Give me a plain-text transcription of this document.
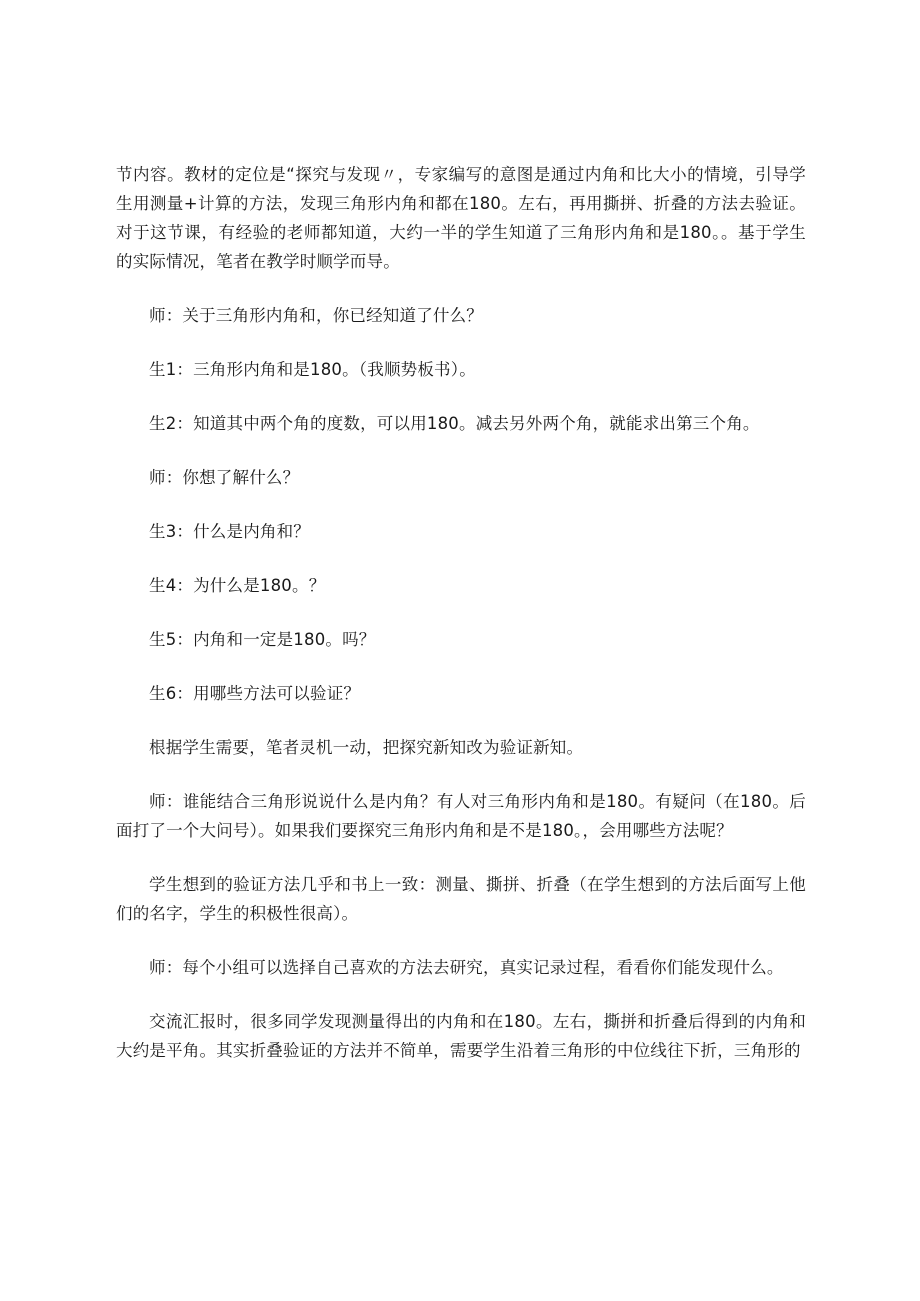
节内容。教材的定位是“探究与发现〃，专家编写的意图是通过内角和比大小的情境，引导学生用测量+计算的方法，发现三角形内角和都在180。左右，再用撕拼、折叠的方法去验证。对于这节课，有经验的老师都知道，大约一半的学生知道了三角形内角和是180。。基于学生的实际情况，笔者在教学时顺学而导。

师：关于三角形内角和，你已经知道了什么？

生1：三角形内角和是180。（我顺势板书）。

生2：知道其中两个角的度数，可以用180。减去另外两个角，就能求出第三个角。

师：你想了解什么？

生3：什么是内角和？

生4：为什么是180。？

生5：内角和一定是180。吗？

生6：用哪些方法可以验证？

根据学生需要，笔者灵机一动，把探究新知改为验证新知。

师：谁能结合三角形说说什么是内角？有人对三角形内角和是180。有疑问（在180。后面打了一个大问号）。如果我们要探究三角形内角和是不是180。，会用哪些方法呢？

学生想到的验证方法几乎和书上一致：测量、撕拼、折叠（在学生想到的方法后面写上他们的名字，学生的积极性很高）。

师：每个小组可以选择自己喜欢的方法去研究，真实记录过程，看看你们能发现什么。

交流汇报时，很多同学发现测量得出的内角和在180。左右，撕拼和折叠后得到的内角和大约是平角。其实折叠验证的方法并不简单，需要学生沿着三角形的中位线往下折，三角形的
